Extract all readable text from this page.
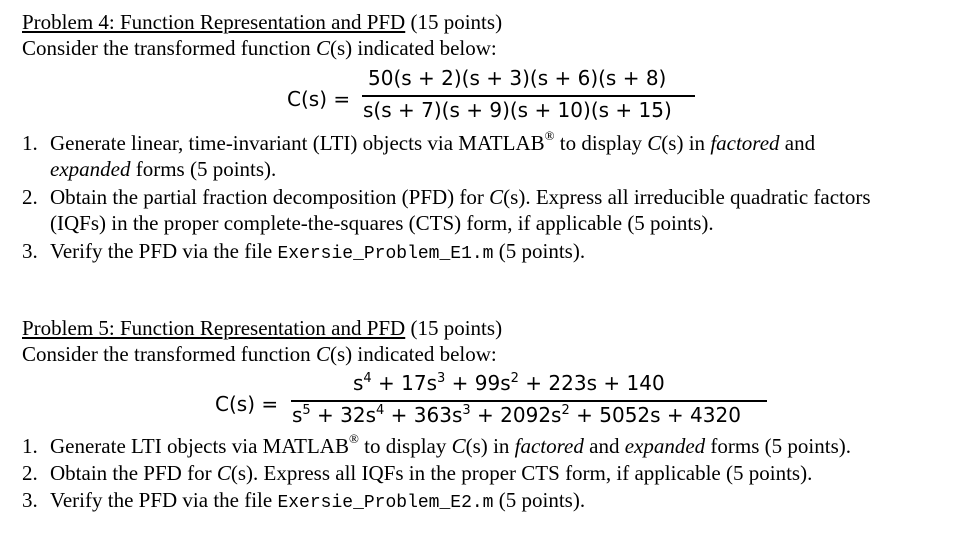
Problem 4: Function Representation and PFD (15 points)
Consider the transformed function C(s) indicated below:
C(s) =
50(s + 2)(s + 3)(s + 6)(s + 8)
s(s + 7)(s + 9)(s + 10)(s + 15)
1. Generate linear, time-invariant (LTI) objects via MATLAB® to display C(s) in factored and
expanded forms (5 points).
2. Obtain the partial fraction decomposition (PFD) for C(s). Express all irreducible quadratic factors
(IQFs) in the proper complete-the-squares (CTS) form, if applicable (5 points).
3. Verify the PFD via the file Exersie_Problem_E1.m (5 points).
Problem 5: Function Representation and PFD (15 points)
Consider the transformed function C(s) indicated below:
C(s) =
$s^4 + 17s^3 + 99s^2 + 223s + 140$
$s^5 + 32s^4 + 363s^3 + 2092s^2 + 5052s + 4320$
1. Generate LTI objects via MATLAB® to display C(s) in factored and expanded forms (5 points).
2. Obtain the PFD for C(s). Express all IQFs in the proper CTS form, if applicable (5 points).
3. Verify the PFD via the file Exersie_Problem_E2.m (5 points).
